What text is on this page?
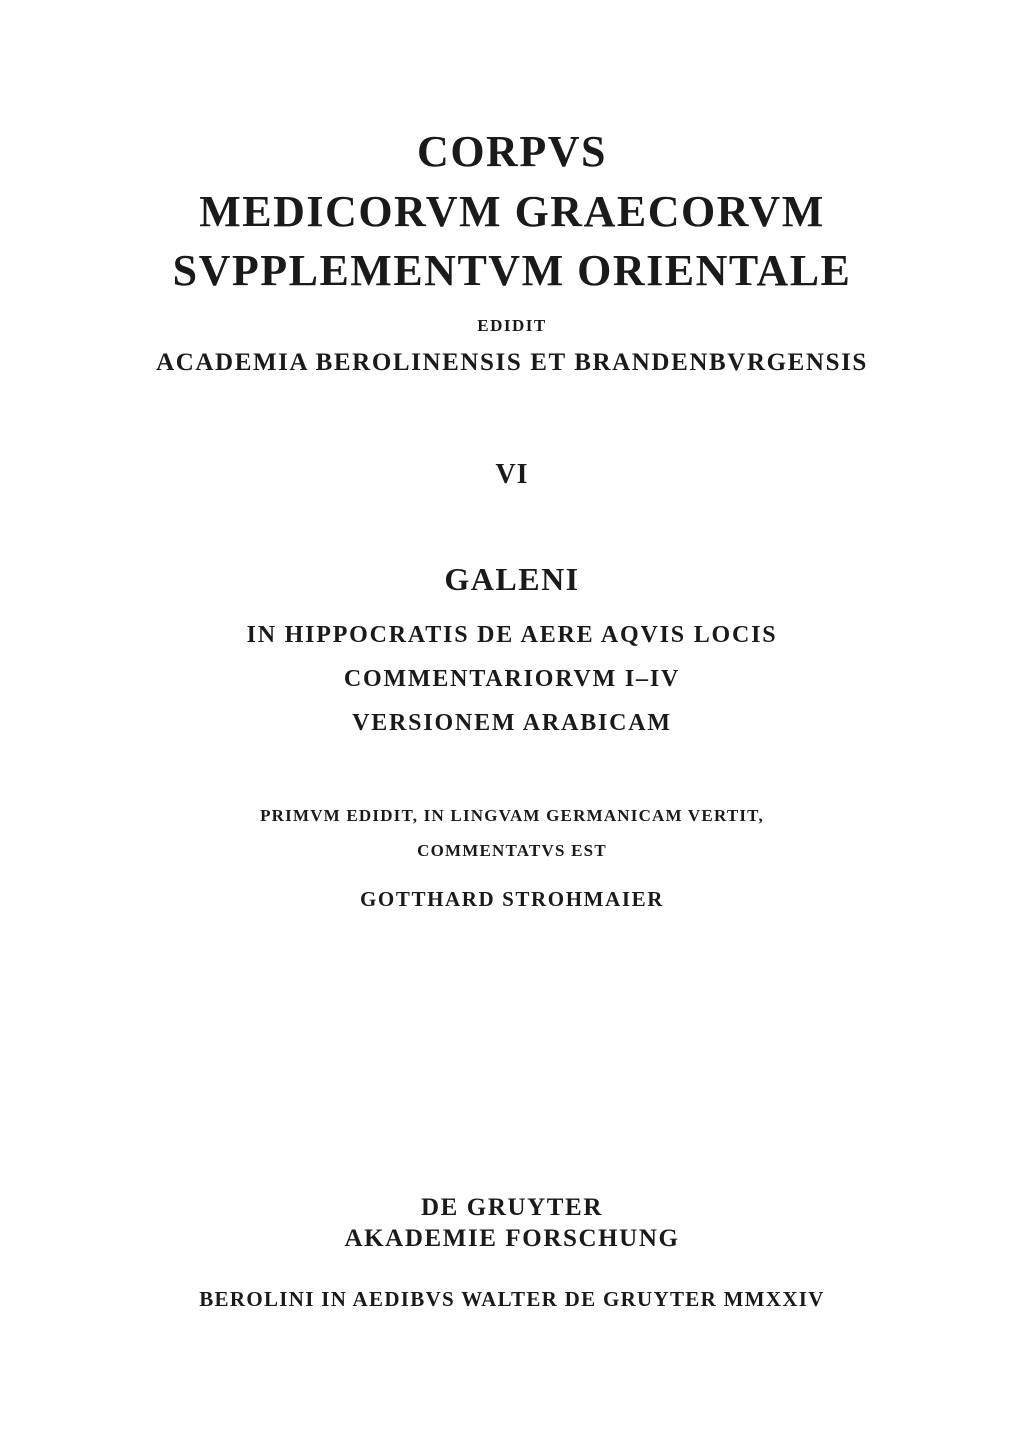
CORPVS
MEDICORVM GRAECORVM
SVPPLEMENTVM ORIENTALE
EDIDIT
ACADEMIA BEROLINENSIS ET BRANDENBVRGENSIS
VI
GALENI
IN HIPPOCRATIS DE AERE AQVIS LOCIS
COMMENTARIORVM I–IV
VERSIONEM ARABICAM
PRIMVM EDIDIT, IN LINGVAM GERMANICAM VERTIT,
COMMENTATVS EST
GOTTHARD STROHMAIER
DE GRUYTER
AKADEMIE FORSCHUNG
BEROLINI IN AEDIBVS WALTER DE GRUYTER MMXXIV
